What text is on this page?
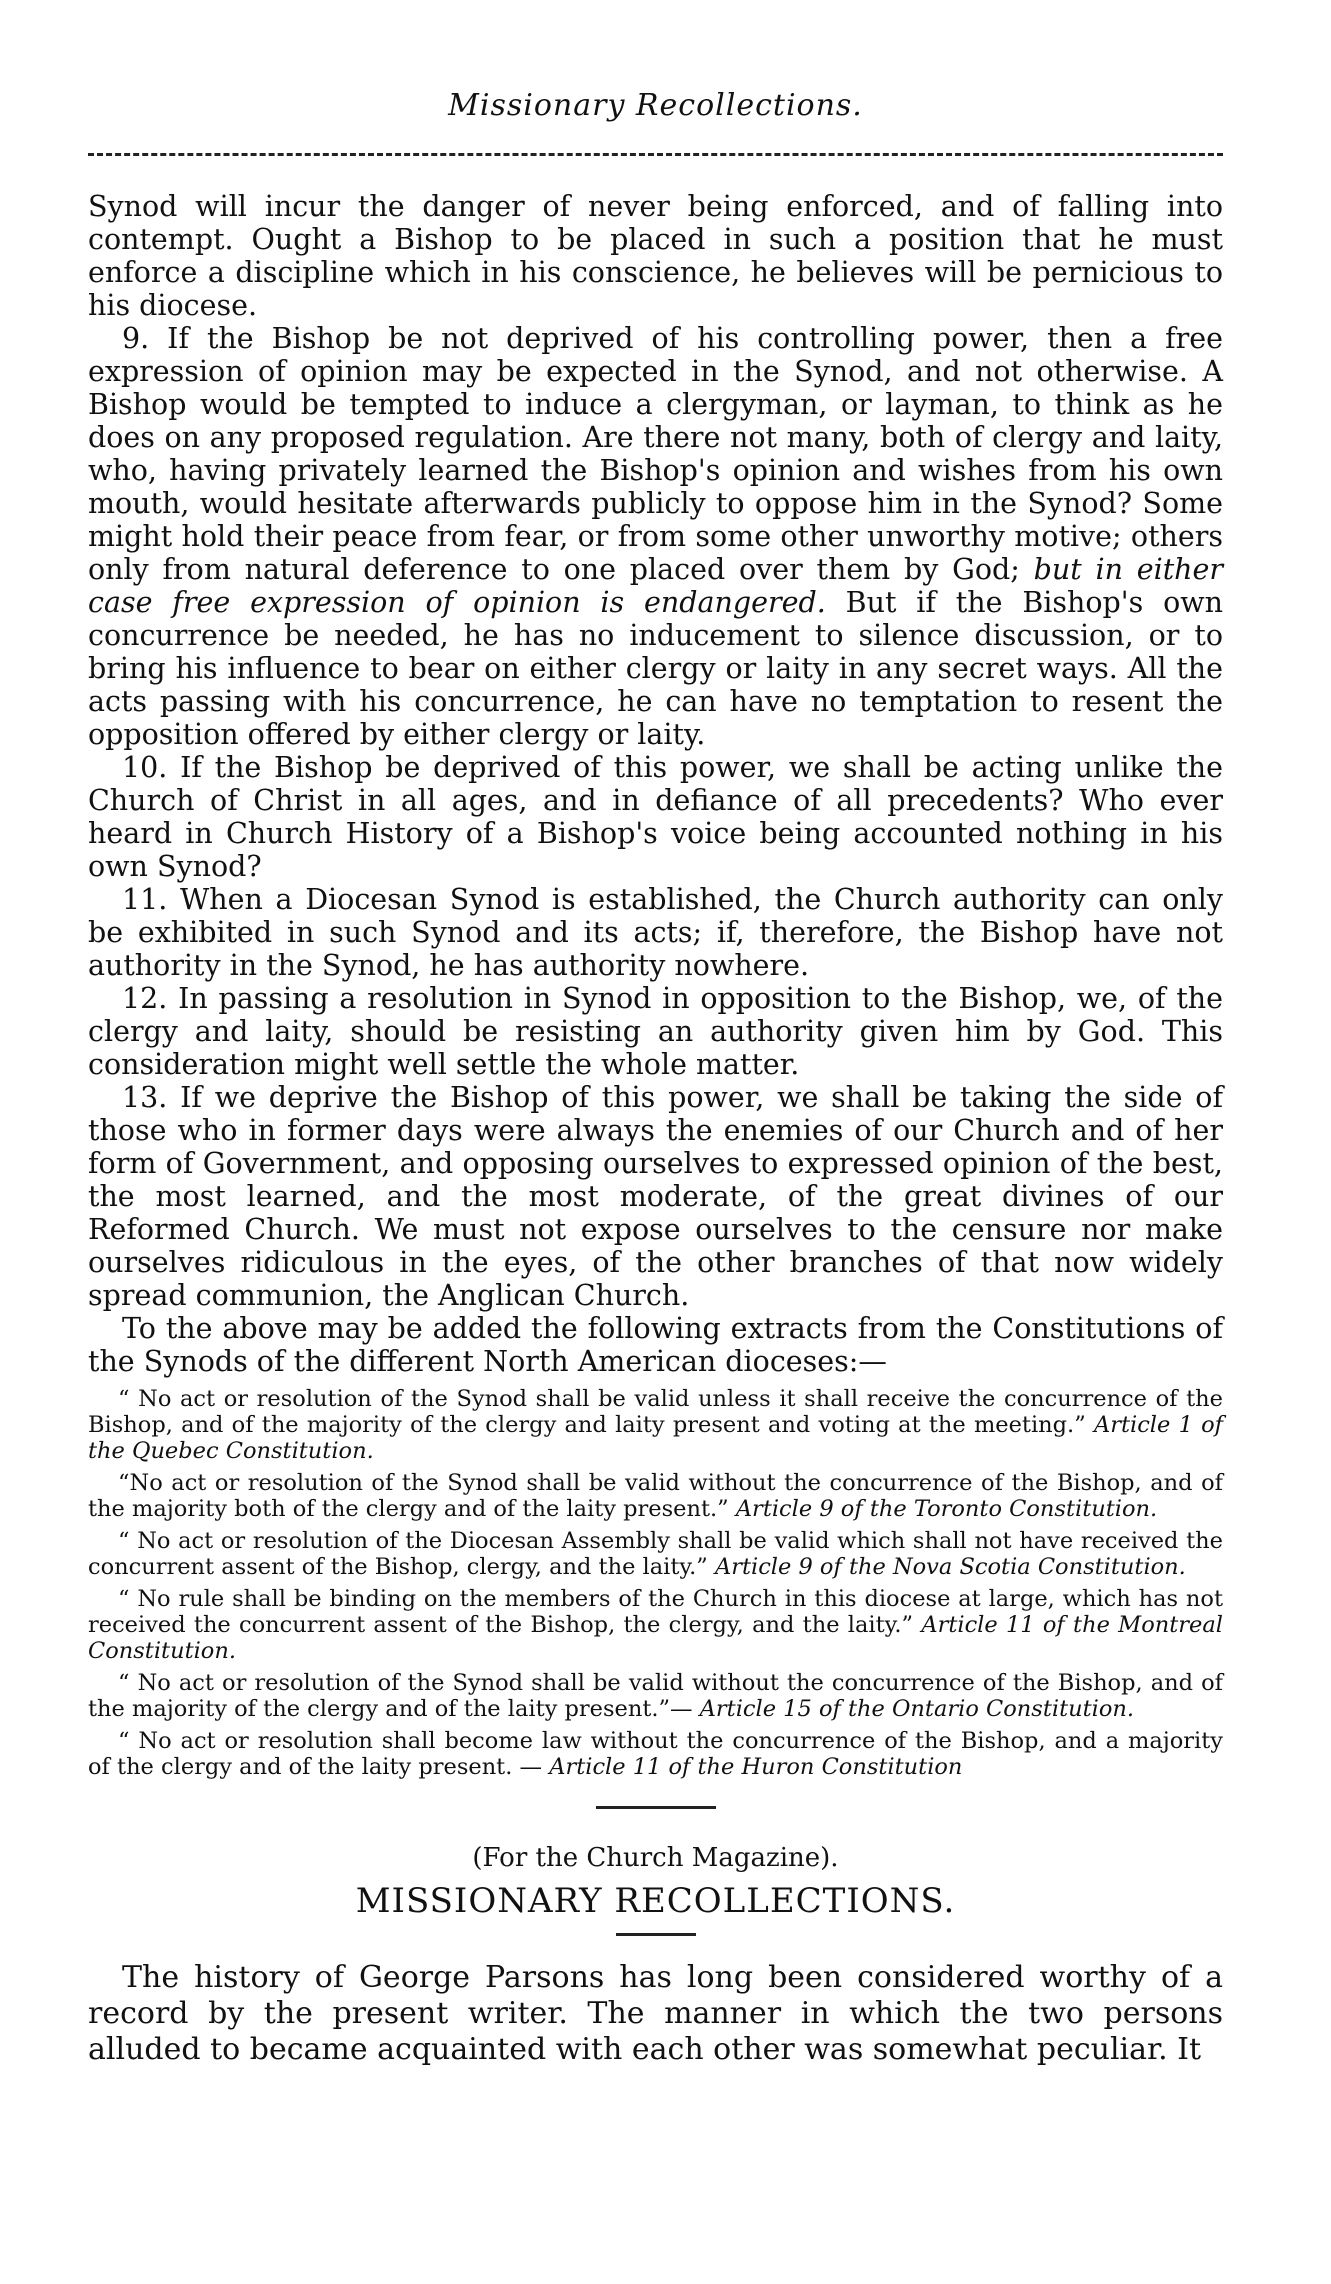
Missionary Recollections.

Synod will incur the danger of never being enforced, and of falling into contempt. Ought a Bishop to be placed in such a position that he must enforce a discipline which in his conscience, he believes will be pernicious to his diocese.

9. If the Bishop be not deprived of his controlling power, then a free expression of opinion may be expected in the Synod, and not otherwise. A Bishop would be tempted to induce a clergyman, or layman, to think as he does on any proposed regulation. Are there not many, both of clergy and laity, who, having privately learned the Bishop's opinion and wishes from his own mouth, would hesitate afterwards publicly to oppose him in the Synod? Some might hold their peace from fear, or from some other unworthy motive; others only from natural deference to one placed over them by God; but in either case free expression of opinion is endangered. But if the Bishop's own concurrence be needed, he has no inducement to silence discussion, or to bring his influence to bear on either clergy or laity in any secret ways. All the acts passing with his concurrence, he can have no temptation to resent the opposition offered by either clergy or laity.

10. If the Bishop be deprived of this power, we shall be acting unlike the Church of Christ in all ages, and in defiance of all precedents? Who ever heard in Church History of a Bishop's voice being accounted nothing in his own Synod?

11. When a Diocesan Synod is established, the Church authority can only be exhibited in such Synod and its acts; if, therefore, the Bishop have not authority in the Synod, he has authority nowhere.

12. In passing a resolution in Synod in opposition to the Bishop, we, of the clergy and laity, should be resisting an authority given him by God. This consideration might well settle the whole matter.

13. If we deprive the Bishop of this power, we shall be taking the side of those who in former days were always the enemies of our Church and of her form of Government, and opposing ourselves to expressed opinion of the best, the most learned, and the most moderate, of the great divines of our Reformed Church. We must not expose ourselves to the censure nor make ourselves ridiculous in the eyes, of the other branches of that now widely spread communion, the Anglican Church.

To the above may be added the following extracts from the Constitutions of the Synods of the different North American dioceses:—

“ No act or resolution of the Synod shall be valid unless it shall receive the concurrence of the Bishop, and of the majority of the clergy and laity present and voting at the meeting.” Article 1 of the Quebec Constitution.

“No act or resolution of the Synod shall be valid without the concurrence of the Bishop, and of the majority both of the clergy and of the laity present.” Article 9 of the Toronto Constitution.

“ No act or resolution of the Diocesan Assembly shall be valid which shall not have received the concurrent assent of the Bishop, clergy, and the laity.” Article 9 of the Nova Scotia Constitution.

“ No rule shall be binding on the members of the Church in this diocese at large, which has not received the concurrent assent of the Bishop, the clergy, and the laity.” Article 11 of the Montreal Constitution.

“ No act or resolution of the Synod shall be valid without the concurrence of the Bishop, and of the majority of the clergy and of the laity present.”— Article 15 of the Ontario Constitution.

“ No act or resolution shall become law without the concurrence of the Bishop, and a majority of the clergy and of the laity present. — Article 11 of the Huron Constitution

(For the Church Magazine).
MISSIONARY RECOLLECTIONS.

The history of George Parsons has long been considered worthy of a record by the present writer. The manner in which the two persons alluded to became acquainted with each other was somewhat peculiar. It
